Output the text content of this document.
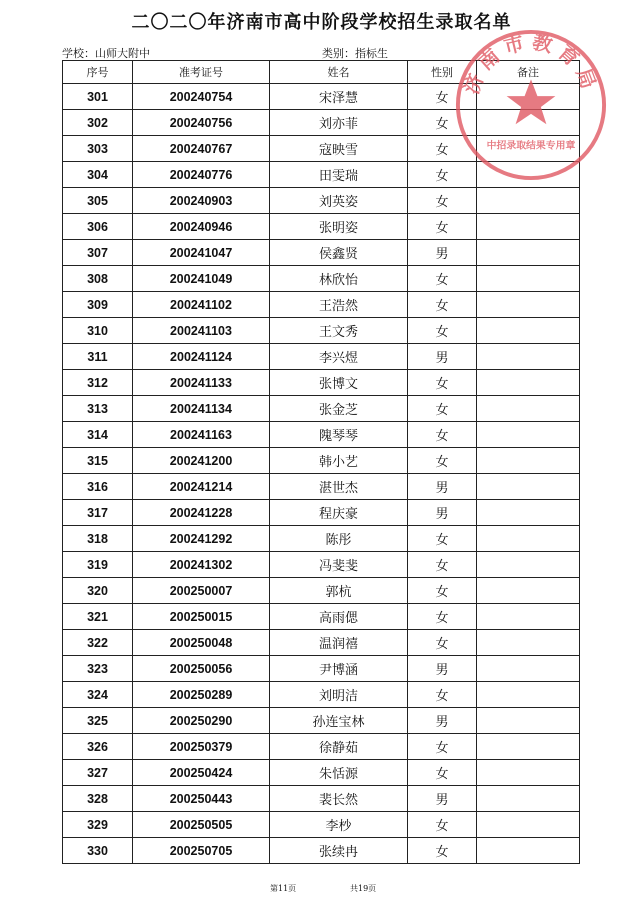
二〇二〇年济南市高中阶段学校招生录取名单
学校：山师大附中	类别：指标生
序号	准考证号	姓名	性别	备注
301	200240754	宋泽慧	女	
302	200240756	刘亦菲	女	
303	200240767	寇映雪	女	
304	200240776	田雯瑞	女	
305	200240903	刘英姿	女	
306	200240946	张明姿	女	
307	200241047	侯鑫贤	男	
308	200241049	林欣怡	女	
309	200241102	王浩然	女	
310	200241103	王文秀	女	
311	200241124	李兴煜	男	
312	200241133	张博文	女	
313	200241134	张金芝	女	
314	200241163	隗琴琴	女	
315	200241200	韩小艺	女	
316	200241214	湛世杰	男	
317	200241228	程庆豪	男	
318	200241292	陈彤	女	
319	200241302	冯斐斐	女	
320	200250007	郭杭	女	
321	200250015	高雨偲	女	
322	200250048	温润禧	女	
323	200250056	尹博涵	男	
324	200250289	刘明洁	女	
325	200250290	孙连宝林	男	
326	200250379	徐静茹	女	
327	200250424	朱恬源	女	
328	200250443	裴长然	男	
329	200250505	李杪	女	
330	200250705	张续冉	女	
第11页	共19页
济南市教育局
中招录取结果专用章
